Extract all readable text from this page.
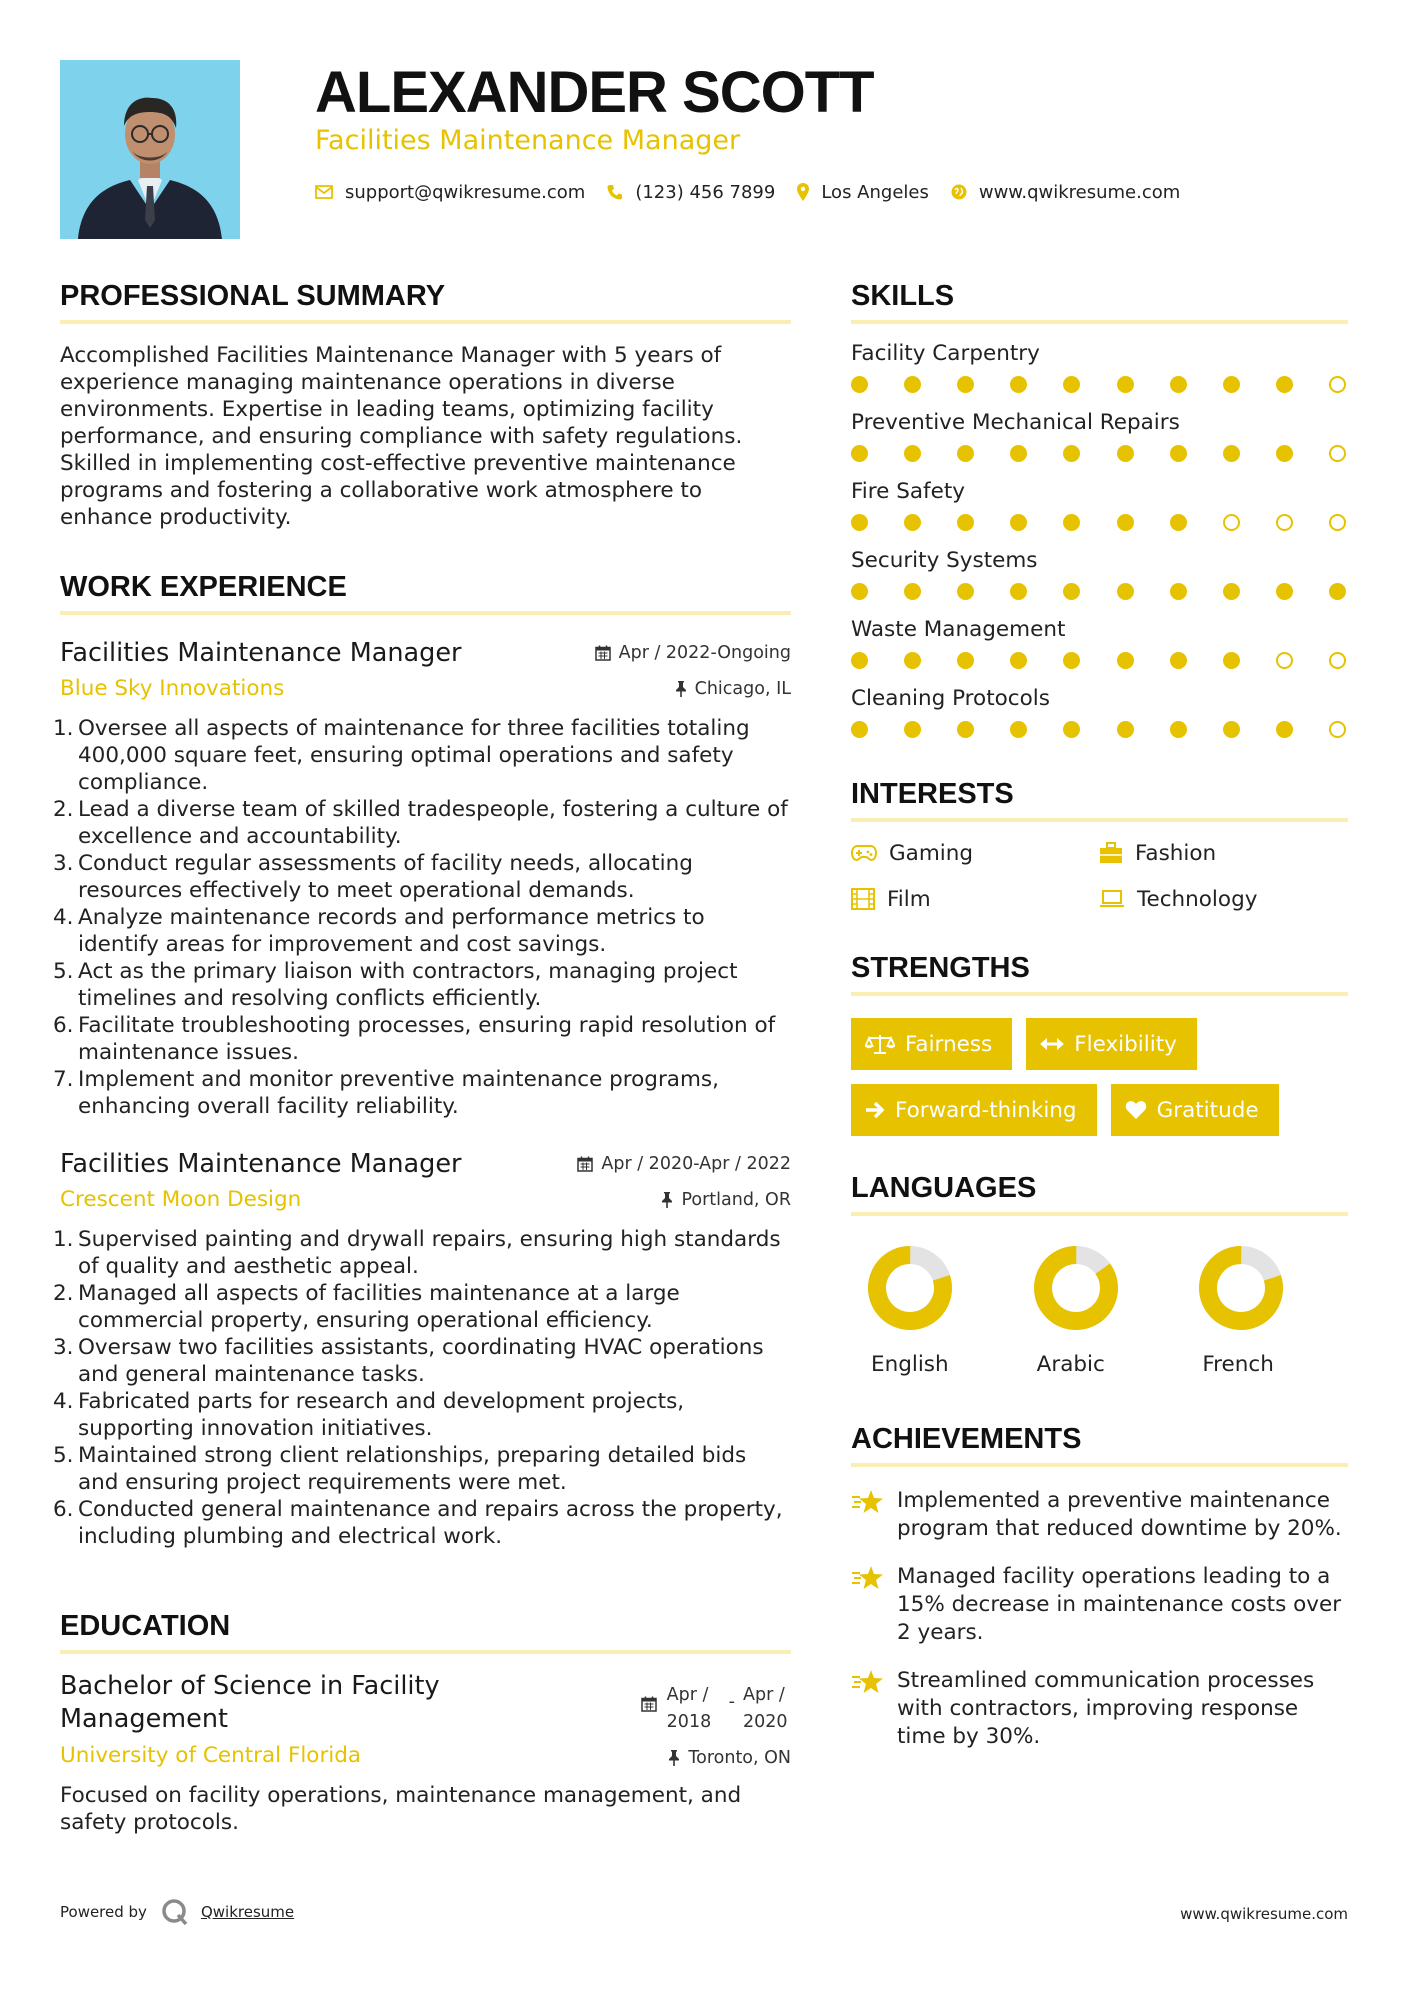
ALEXANDER SCOTT
Facilities Maintenance Manager
support@qwikresume.com	(123) 456 7899	Los Angeles	www.qwikresume.com
PROFESSIONAL SUMMARY

Accomplished Facilities Maintenance Manager with 5 years of experience managing maintenance operations in diverse environments. Expertise in leading teams, optimizing facility performance, and ensuring compliance with safety regulations. Skilled in implementing cost-effective preventive maintenance programs and fostering a collaborative work atmosphere to enhance productivity.

WORK EXPERIENCE
Facilities Maintenance Manager
Blue Sky Innovations
Apr / 2022-Ongoing
Chicago, IL
1. Oversee all aspects of maintenance for three facilities totaling 400,000 square feet, ensuring optimal operations and safety compliance.
2. Lead a diverse team of skilled tradespeople, fostering a culture of excellence and accountability.
3. Conduct regular assessments of facility needs, allocating resources effectively to meet operational demands.
4. Analyze maintenance records and performance metrics to identify areas for improvement and cost savings.
5. Act as the primary liaison with contractors, managing project timelines and resolving conflicts efficiently.
6. Facilitate troubleshooting processes, ensuring rapid resolution of maintenance issues.
7. Implement and monitor preventive maintenance programs, enhancing overall facility reliability.
Facilities Maintenance Manager
Crescent Moon Design
Apr / 2020-Apr / 2022
Portland, OR
1. Supervised painting and drywall repairs, ensuring high standards of quality and aesthetic appeal.
2. Managed all aspects of facilities maintenance at a large commercial property, ensuring operational efficiency.
3. Oversaw two facilities assistants, coordinating HVAC operations and general maintenance tasks.
4. Fabricated parts for research and development projects, supporting innovation initiatives.
5. Maintained strong client relationships, preparing detailed bids and ensuring project requirements were met.
6. Conducted general maintenance and repairs across the property, including plumbing and electrical work.
EDUCATION
Bachelor of Science in Facility Management
University of Central Florida
Apr / 2018
- Apr / 2020
Toronto, ON

Focused on facility operations, maintenance management, and safety protocols.

SKILLS
Facility Carpentry
Preventive Mechanical Repairs
Fire Safety
Security Systems
Waste Management
Cleaning Protocols
INTERESTS
Gaming	Fashion
Film	Technology
STRENGTHS
Fairness	Flexibility
Forward-thinking	Gratitude
LANGUAGES
English	Arabic	French
ACHIEVEMENTS
Implemented a preventive maintenance program that reduced downtime by 20%.
Managed facility operations leading to a 15% decrease in maintenance costs over 2 years.
Streamlined communication processes with contractors, improving response time by 30%.
Powered by	Qwikresume	www.qwikresume.com
